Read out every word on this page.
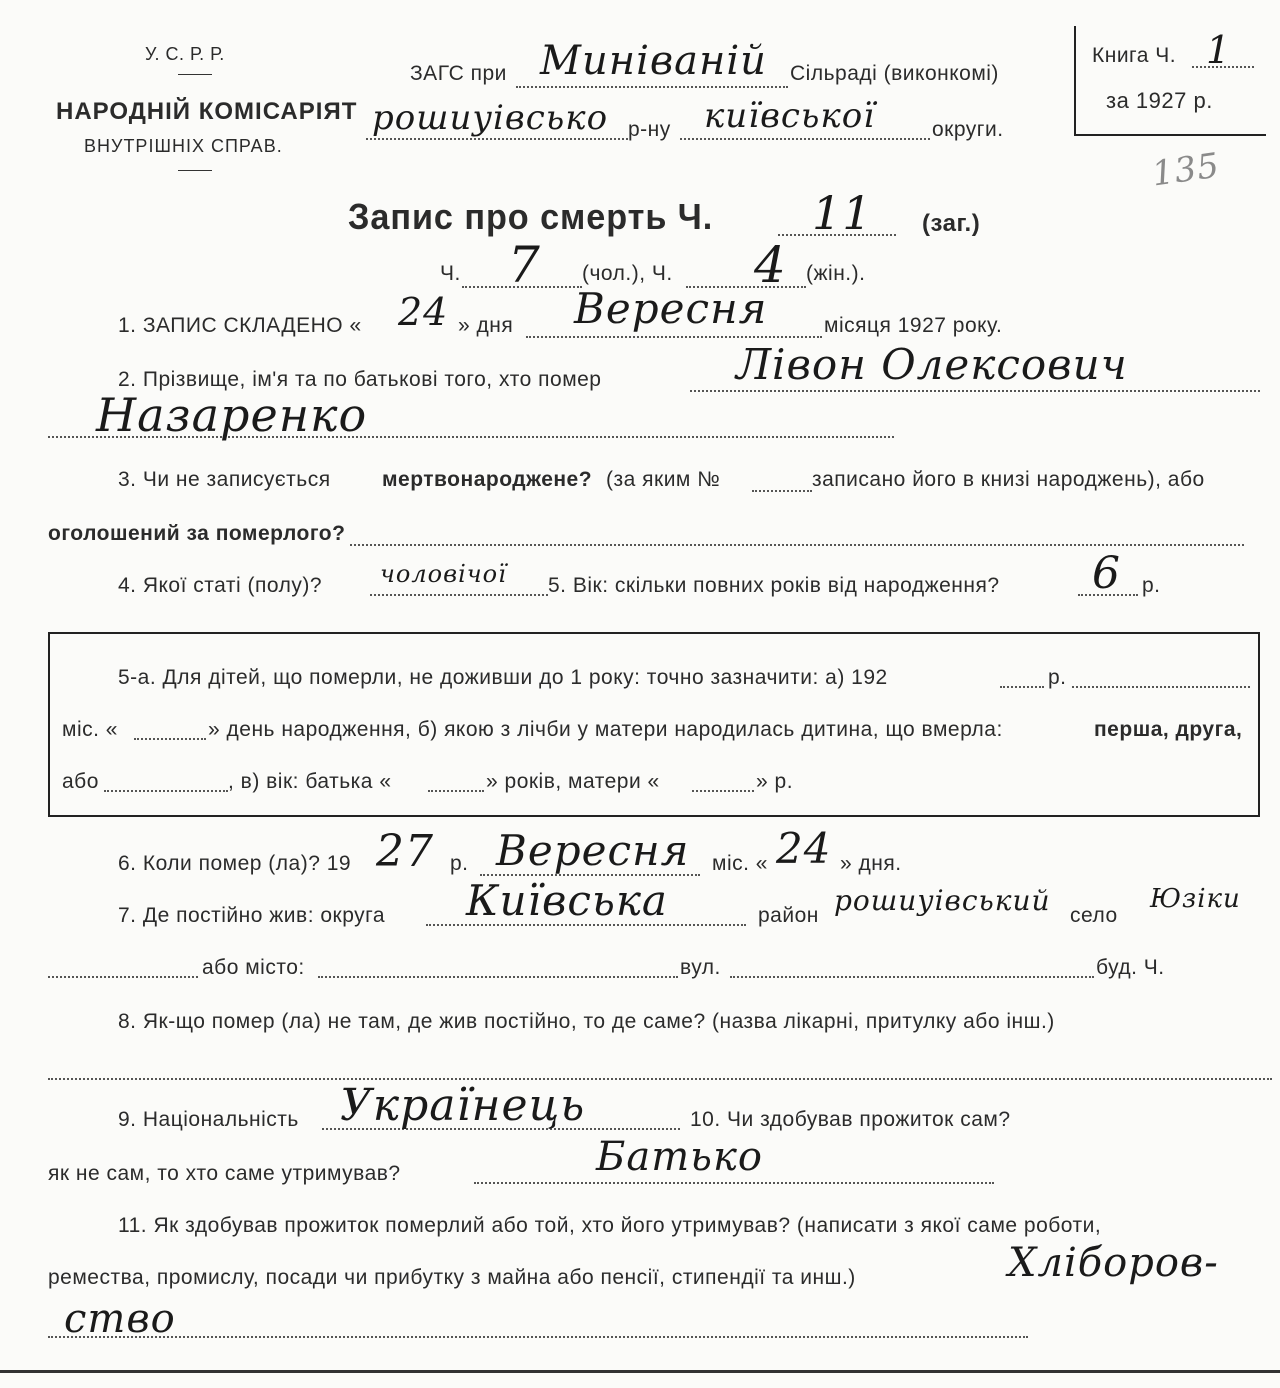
У. С. Р. Р.
НАРОДНІЙ КОМІСАРІЯТ
ВНУТРІШНІХ СПРАВ.
ЗАГС при Миніваній Сільраді (виконкомі)
рошиуівсько р-ну київської	округи.
Книга Ч. 1
за 1927 р.
135
Запис про смерть Ч. 11 (заг.)
Ч. 7 (чол.), Ч. 4 (жін.).
1. ЗАПИС СКЛАДЕНО « 24 » дня Вересня	місяця 1927 року.
2. Прізвище, ім'я та по батькові того, хто помер	Лівон Олексович
Назаренко
3. Чи не записується мертвонароджене? (за яким №	записано його в книзі народжень), або
оголошений за померлого?
4. Якої статі (полу)? чоловічої 5. Вік: скільки повних років від народження? 6 р.
5-а. Для дітей, що померли, не доживши до 1 року: точно зазначити: а) 192	р.
міс. «	» день народження, б) якою з лічби у матери народилась дитина, що вмерла:	перша, друга,
або	, в) вік: батька «	» років, матери «	» р.
6. Коли помер (ла)? 19 27 р. Вересня міс. « 24 » дня.
7. Де постійно жив: округа Київська	район рошиуівський село
Юзіки
або місто:	вул.	буд. Ч.
8. Як-що помер (ла) не там, де жив постійно, то де саме? (назва лікарні, притулку або інш.)
9. Національність Українець	10. Чи здобував прожиток сам?
як не сам, то хто саме утримував?	Батько
11. Як здобував прожиток померлий або той, хто його утримував? (написати з якої саме роботи,
ремества, промислу, посади чи прибутку з майна або пенсії, стипендії та инш.)	Хліборов-
ство
